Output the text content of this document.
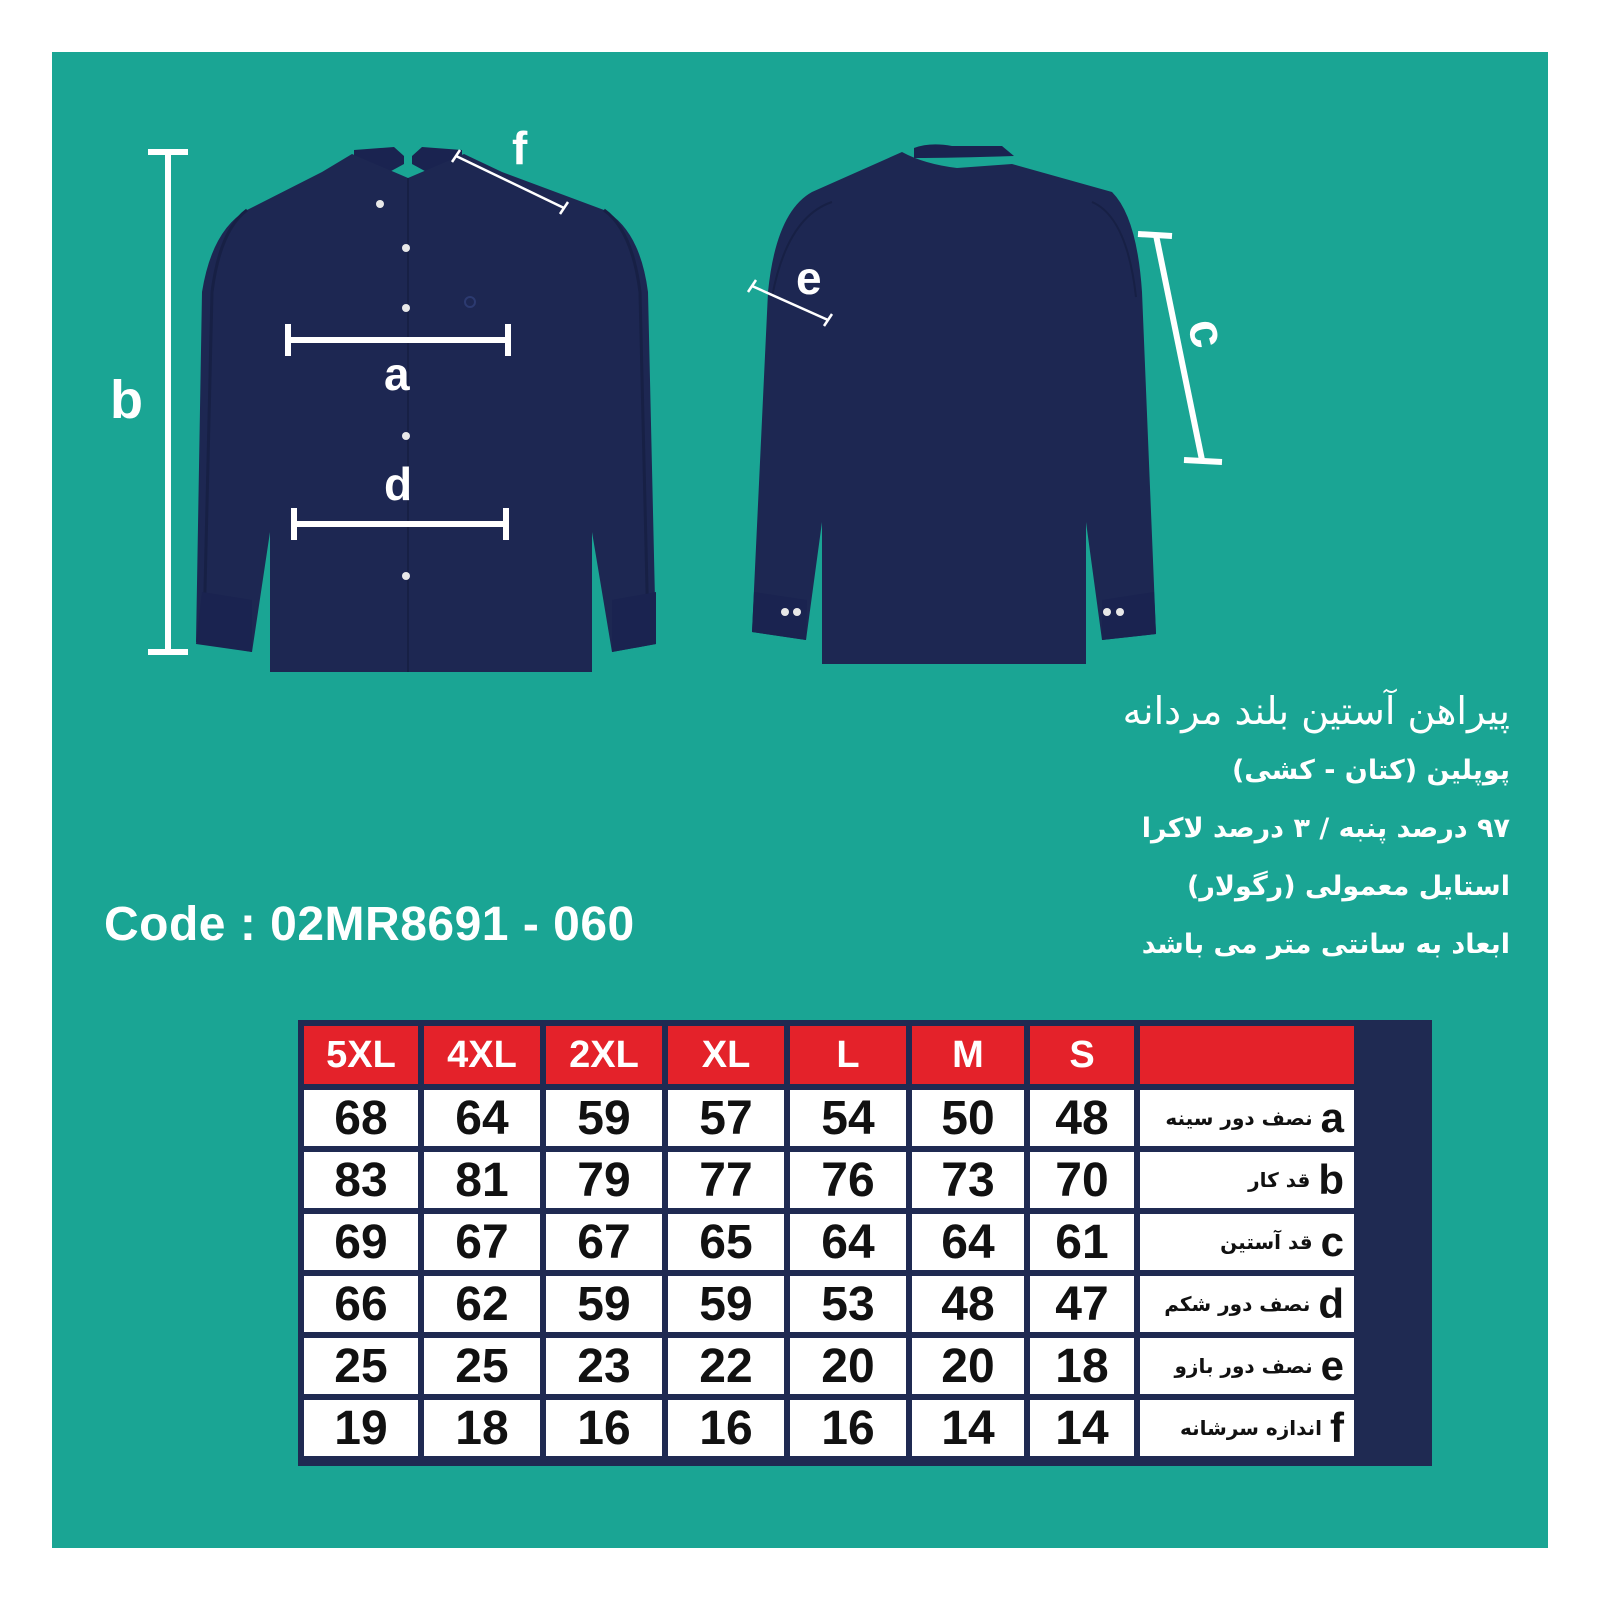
b	a
d
f
e
c
پیراهن آستین بلند مردانه
پوپلین (کتان - کشی)
۹۷ درصد پنبه / ۳ درصد لاکرا
استایل معمولی (رگولار)
ابعاد به سانتی متر می باشد
Code : 02MR8691 - 060
5XL	4XL	2XL	XL	L	M	S
68	64	59	57	54	50	48	نصف دور سینه a
83	81	79	77	76	73	70	قد کار b
69	67	67	65	64	64	61	قد آستین c
66	62	59	59	53	48	47	نصف دور شکم d
25	25	23	22	20	20	18	نصف دور بازو e
19	18	16	16	16	14	14	اندازه سرشانه f
